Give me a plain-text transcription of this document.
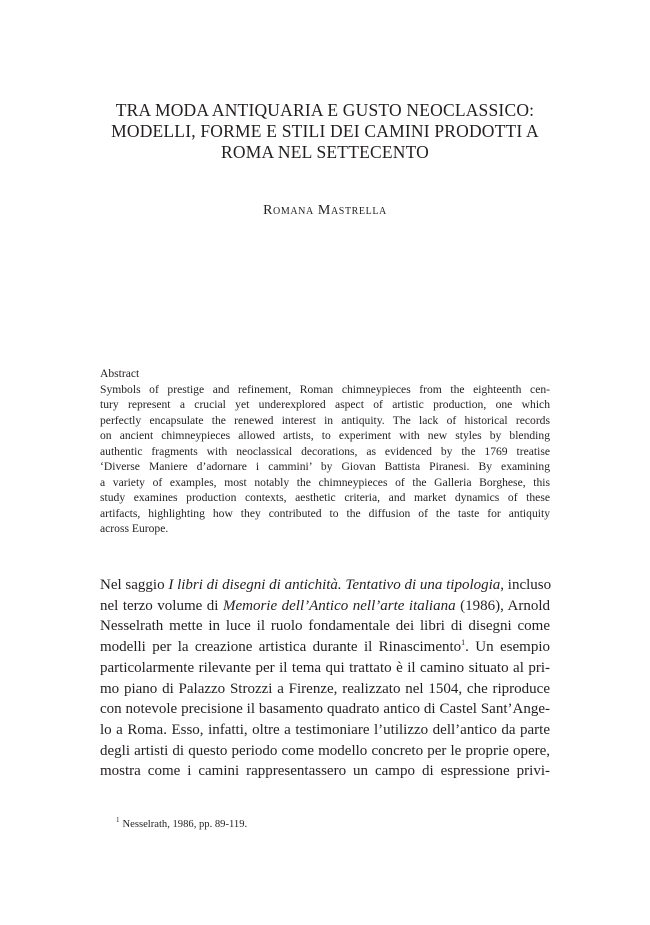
TRA MODA ANTIQUARIA E GUSTO NEOCLASSICO:
MODELLI, FORME E STILI DEI CAMINI PRODOTTI A
ROMA NEL SETTECENTO
Romana Mastrella
Abstract
Symbols of prestige and refinement, Roman chimneypieces from the eighteenth cen-
tury represent a crucial yet underexplored aspect of artistic production, one which
perfectly encapsulate the renewed interest in antiquity. The lack of historical records
on ancient chimneypieces allowed artists, to experiment with new styles by blending
authentic fragments with neoclassical decorations, as evidenced by the 1769 treatise
‘Diverse Maniere d’adornare i cammini’ by Giovan Battista Piranesi. By examining
a variety of examples, most notably the chimneypieces of the Galleria Borghese, this
study examines production contexts, aesthetic criteria, and market dynamics of these
artifacts, highlighting how they contributed to the diffusion of the taste for antiquity
across Europe.
Nel saggio I libri di disegni di antichità. Tentativo di una tipologia, incluso
nel terzo volume di Memorie dell’Antico nell’arte italiana (1986), Arnold
Nesselrath mette in luce il ruolo fondamentale dei libri di disegni come
modelli per la creazione artistica durante il Rinascimento$^1$. Un esempio
particolarmente rilevante per il tema qui trattato è il camino situato al pri-
mo piano di Palazzo Strozzi a Firenze, realizzato nel 1504, che riproduce
con notevole precisione il basamento quadrato antico di Castel Sant’Ange-
lo a Roma. Esso, infatti, oltre a testimoniare l’utilizzo dell’antico da parte
degli artisti di questo periodo come modello concreto per le proprie opere,
mostra come i camini rappresentassero un campo di espressione privi-
$^1$ Nesselrath, 1986, pp. 89-119.
